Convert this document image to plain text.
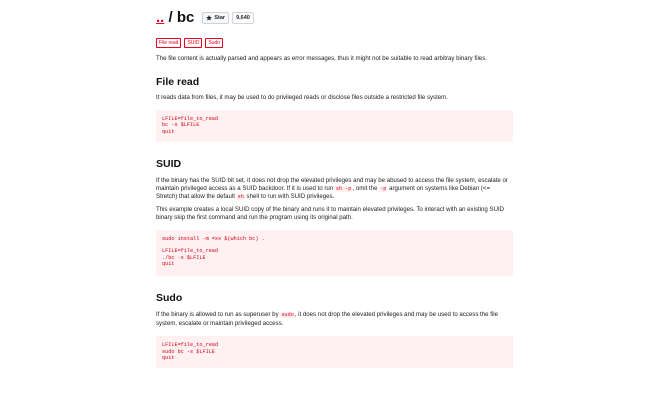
.. / bc	Star	9,640
File read	SUID	Sudo

The file content is actually parsed and appears as error messages, thus it might not be suitable to read arbitray binary files.

File read

It reads data from files, it may be used to do privileged reads or disclose files outside a restricted file system.

LFILE=file_to_read
bc -s $LFILE
quit
SUID

If the binary has the SUID bit set, it does not drop the elevated privileges and may be abused to access the file system, escalate or maintain privileged access as a SUID backdoor. If it is used to run sh -p, omit the -p argument on systems like Debian (<= Stretch) that allow the default sh shell to run with SUID privileges.

This example creates a local SUID copy of the binary and runs it to maintain elevated privileges. To interact with an existing SUID binary skip the first command and run the program using its original path.

sudo install -m =xs $(which bc) .
LFILE=file_to_read
./bc -s $LFILE
quit
Sudo

If the binary is allowed to run as superuser by sudo, it does not drop the elevated privileges and may be used to access the file system, escalate or maintain privileged access.

LFILE=file_to_read
sudo bc -s $LFILE
quit
